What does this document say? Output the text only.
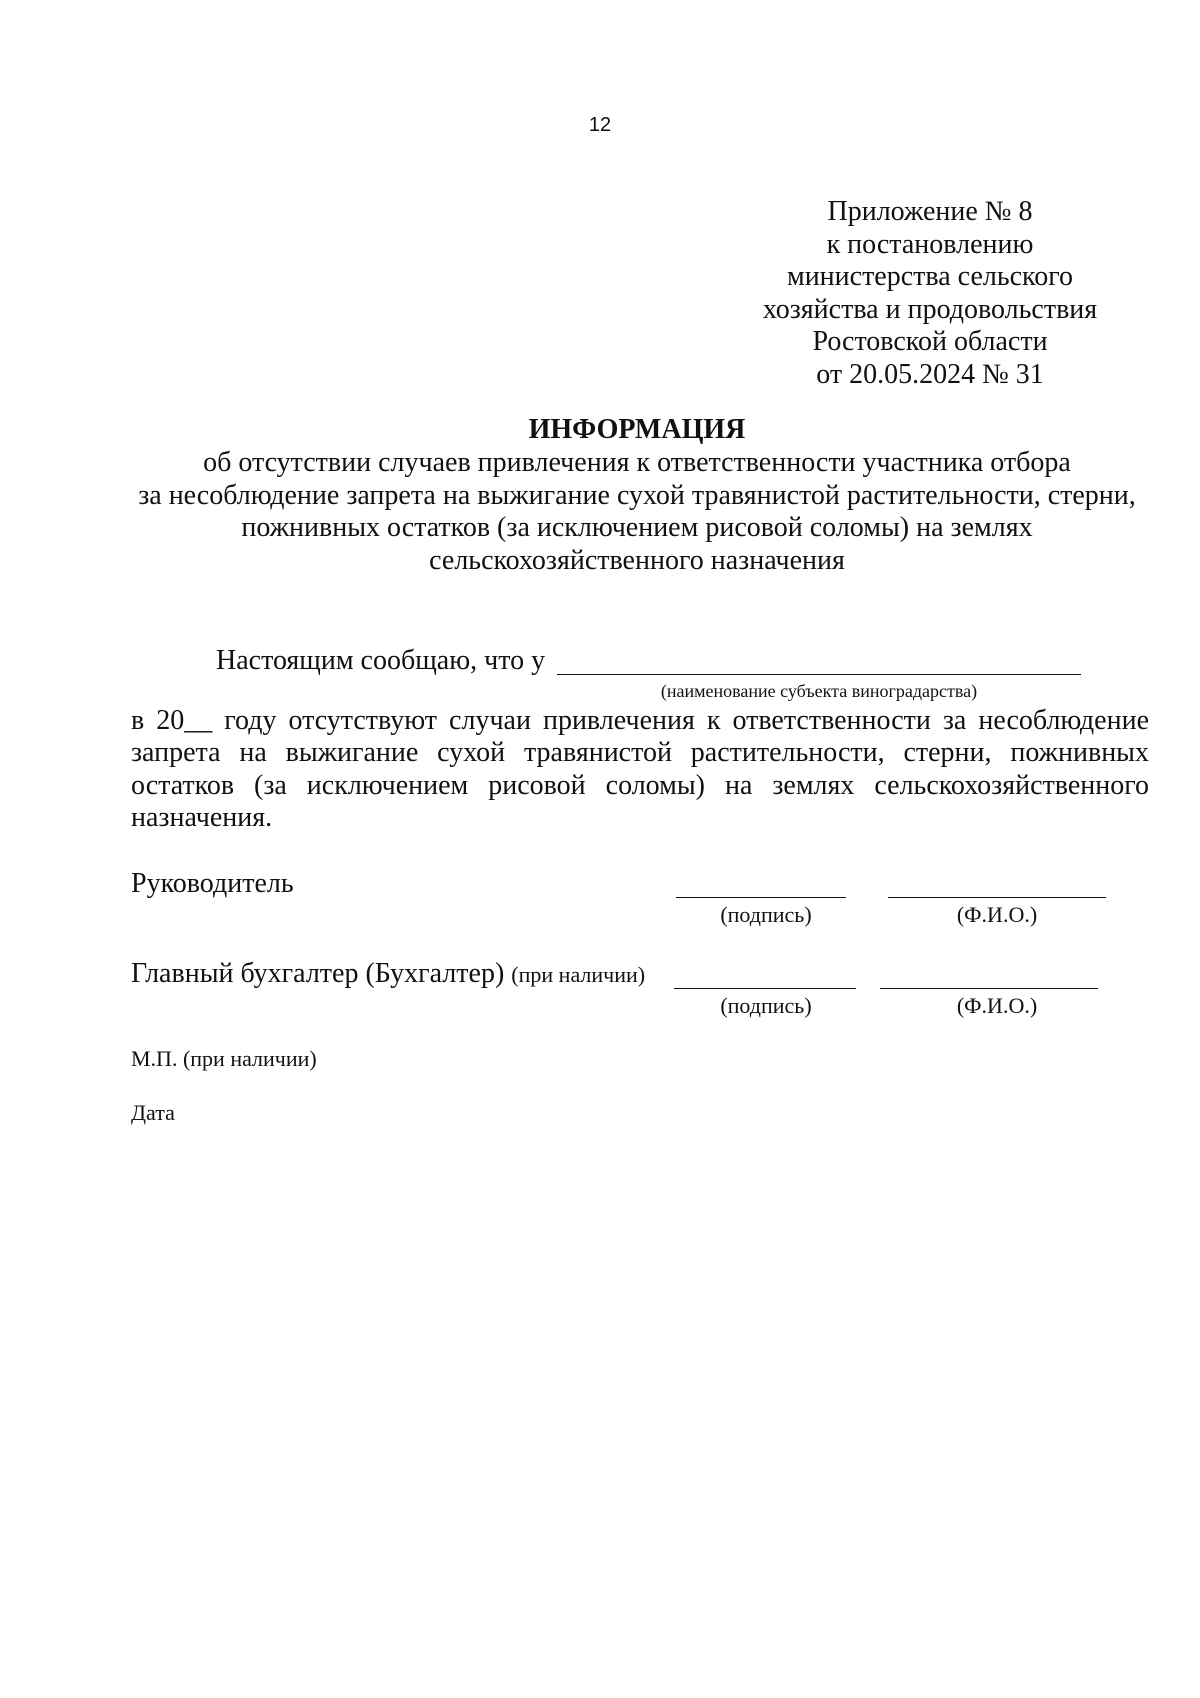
12
Приложение № 8
к постановлению
министерства сельского
хозяйства и продовольствия
Ростовской области
от 20.05.2024 № 31
ИНФОРМАЦИЯ
об отсутствии случаев привлечения к ответственности участника отбора
за несоблюдение запрета на выжигание сухой травянистой растительности, стерни,
пожнивных остатков (за исключением рисовой соломы) на землях
сельскохозяйственного назначения
Настоящим сообщаю, что у
(наименование субъекта виноградарства)
в 20__ году отсутствуют случаи привлечения к ответственности за несоблюдение
запрета на выжигание сухой травянистой растительности, стерни, пожнивных
остатков (за исключением рисовой соломы) на землях сельскохозяйственного
назначения.
Руководитель
(подпись)	(Ф.И.О.)
Главный бухгалтер (Бухгалтер) (при наличии)
(подпись)	(Ф.И.О.)
М.П. (при наличии)
Дата
